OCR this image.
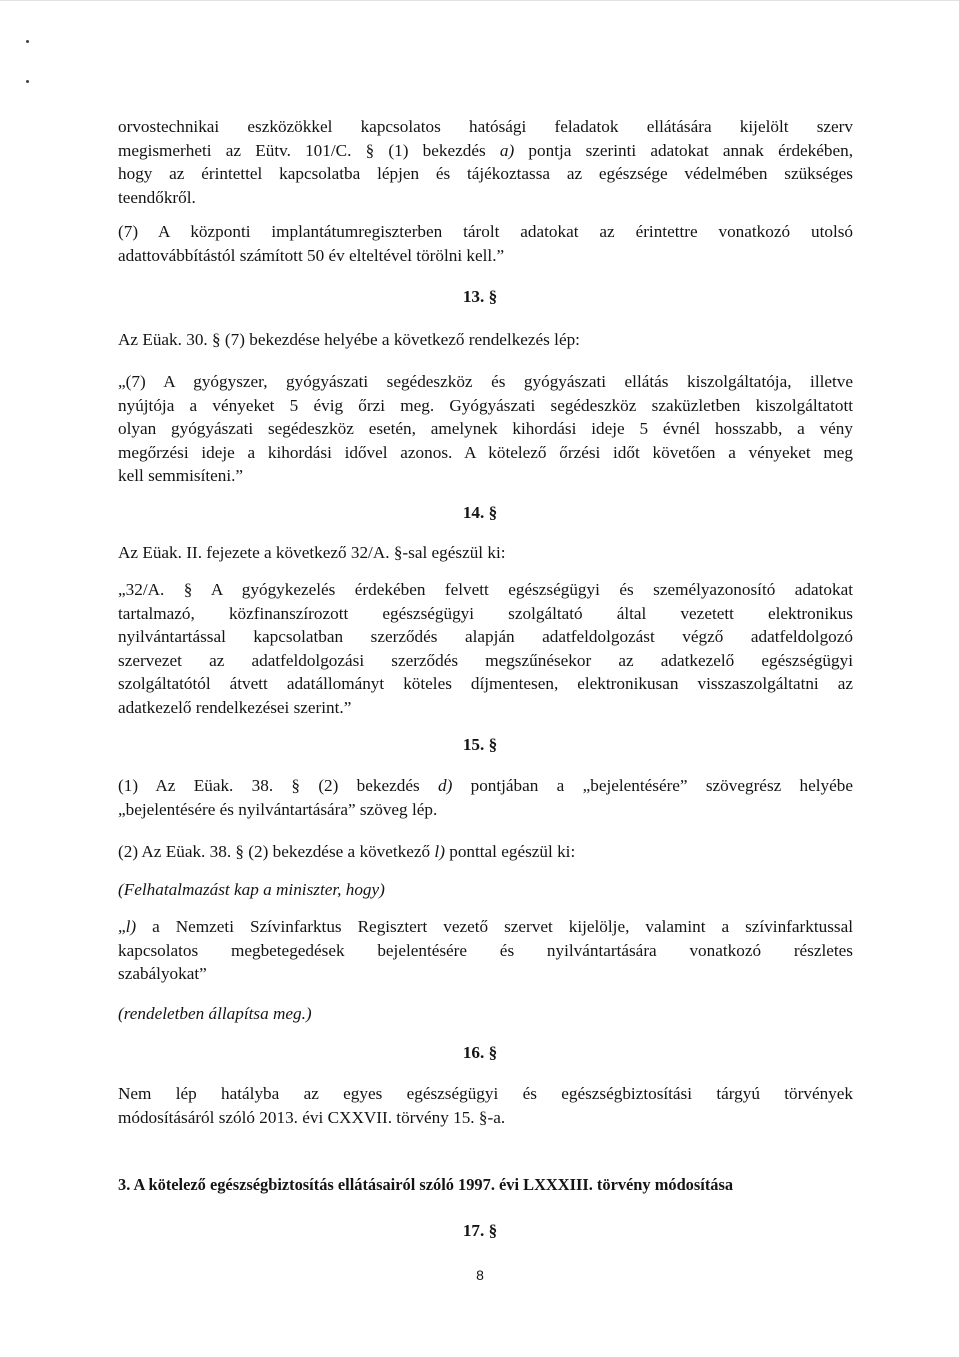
orvostechnikai eszközökkel kapcsolatos hatósági feladatok ellátására kijelölt szerv
megismerheti az Eütv. 101/C. § (1) bekezdés a) pontja szerinti adatokat annak érdekében,
hogy az érintettel kapcsolatba lépjen és tájékoztassa az egészsége védelmében szükséges
teendőkről.
(7) A központi implantátumregiszterben tárolt adatokat az érintettre vonatkozó utolsó
adattovábbítástól számított 50 év elteltével törölni kell.”
13. §
Az Eüak. 30. § (7) bekezdése helyébe a következő rendelkezés lép:
„(7) A gyógyszer, gyógyászati segédeszköz és gyógyászati ellátás kiszolgáltatója, illetve
nyújtója a vényeket 5 évig őrzi meg. Gyógyászati segédeszköz szaküzletben kiszolgáltatott
olyan gyógyászati segédeszköz esetén, amelynek kihordási ideje 5 évnél hosszabb, a vény
megőrzési ideje a kihordási idővel azonos. A kötelező őrzési időt követően a vényeket meg
kell semmisíteni.”
14. §
Az Eüak. II. fejezete a következő 32/A. §-sal egészül ki:
„32/A. § A gyógykezelés érdekében felvett egészségügyi és személyazonosító adatokat
tartalmazó, közfinanszírozott egészségügyi szolgáltató által vezetett elektronikus
nyilvántartással kapcsolatban szerződés alapján adatfeldolgozást végző adatfeldolgozó
szervezet az adatfeldolgozási szerződés megszűnésekor az adatkezelő egészségügyi
szolgáltatótól átvett adatállományt köteles díjmentesen, elektronikusan visszaszolgáltatni az
adatkezelő rendelkezései szerint.”
15. §
(1) Az Eüak. 38. § (2) bekezdés d) pontjában a „bejelentésére” szövegrész helyébe
„bejelentésére és nyilvántartására” szöveg lép.
(2) Az Eüak. 38. § (2) bekezdése a következő l) ponttal egészül ki:
(Felhatalmazást kap a miniszter, hogy)
„l) a Nemzeti Szívinfarktus Regisztert vezető szervet kijelölje, valamint a szívinfarktussal
kapcsolatos megbetegedések bejelentésére és nyilvántartására vonatkozó részletes
szabályokat”
(rendeletben állapítsa meg.)
16. §
Nem lép hatályba az egyes egészségügyi és egészségbiztosítási tárgyú törvények
módosításáról szóló 2013. évi CXXVII. törvény 15. §-a.
3. A kötelező egészségbiztosítás ellátásairól szóló 1997. évi LXXXIII. törvény módosítása
17. §
8
